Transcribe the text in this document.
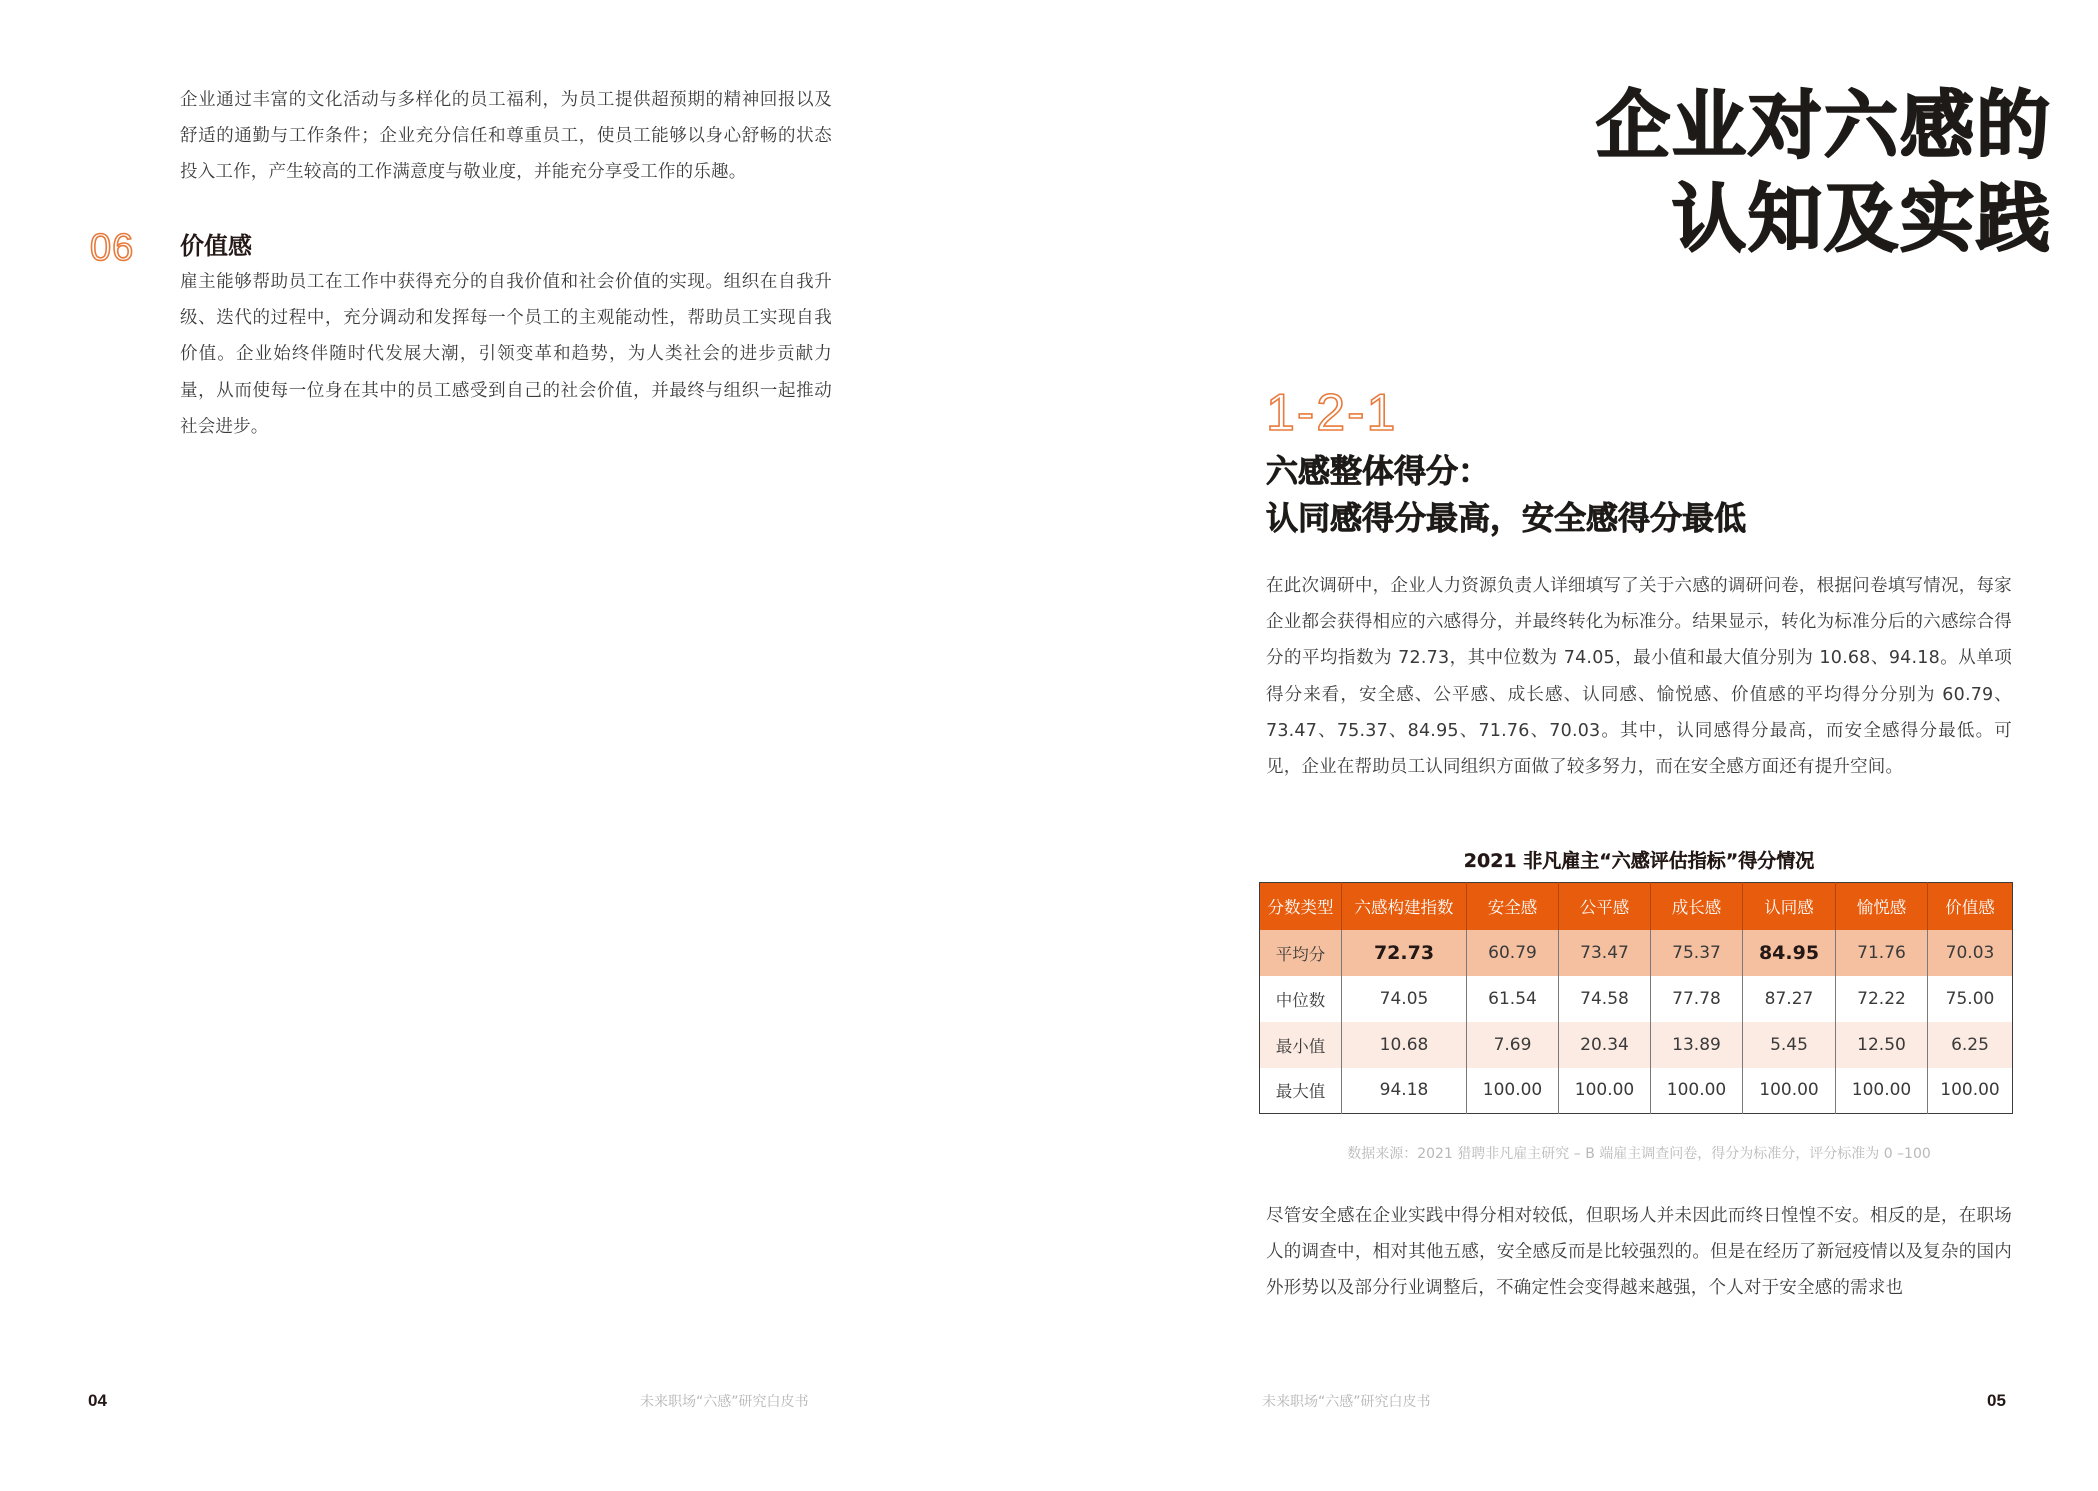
企业通过丰富的文化活动与多样化的员工福利，为员工提供超预期的精神回报以及舒适的通勤与工作条件；企业充分信任和尊重员工，使员工能够以身心舒畅的状态投入工作，产生较高的工作满意度与敬业度，并能充分享受工作的乐趣。

06 价值感

雇主能够帮助员工在工作中获得充分的自我价值和社会价值的实现。组织在自我升级、迭代的过程中，充分调动和发挥每一个员工的主观能动性，帮助员工实现自我价值。企业始终伴随时代发展大潮，引领变革和趋势，为人类社会的进步贡献力量，从而使每一位身在其中的员工感受到自己的社会价值，并最终与组织一起推动社会进步。

04	未来职场“六感”研究白皮书
企业对六感的
认知及实践
1-2-1
六感整体得分：
认同感得分最高，安全感得分最低

在此次调研中，企业人力资源负责人详细填写了关于六感的调研问卷，根据问卷填写情况，每家企业都会获得相应的六感得分，并最终转化为标准分。结果显示，转化为标准分后的六感综合得分的平均指数为 72.73，其中位数为 74.05，最小值和最大值分别为 10.68、94.18。从单项得分来看，安全感、公平感、成长感、认同感、愉悦感、价值感的平均得分分别为 60.79、73.47、75.37、84.95、71.76、70.03。其中，认同感得分最高，而安全感得分最低。可见，企业在帮助员工认同组织方面做了较多努力，而在安全感方面还有提升空间。

2021 非凡雇主“六感评估指标”得分情况
分数类型	六感构建指数	安全感	公平感	成长感	认同感	愉悦感	价值感
平均分	72.73	60.79	73.47	75.37	84.95	71.76	70.03
中位数	74.05	61.54	74.58	77.78	87.27	72.22	75.00
最小值	10.68	7.69	20.34	13.89	5.45	12.50	6.25
最大值	94.18	100.00	100.00	100.00	100.00	100.00	100.00
数据来源：2021 猎聘非凡雇主研究 – B 端雇主调查问卷，得分为标准分，评分标准为 0 –100

尽管安全感在企业实践中得分相对较低，但职场人并未因此而终日惶惶不安。相反的是，在职场人的调查中，相对其他五感，安全感反而是比较强烈的。但是在经历了新冠疫情以及复杂的国内外形势以及部分行业调整后，不确定性会变得越来越强，个人对于安全感的需求也

未来职场“六感”研究白皮书	05
